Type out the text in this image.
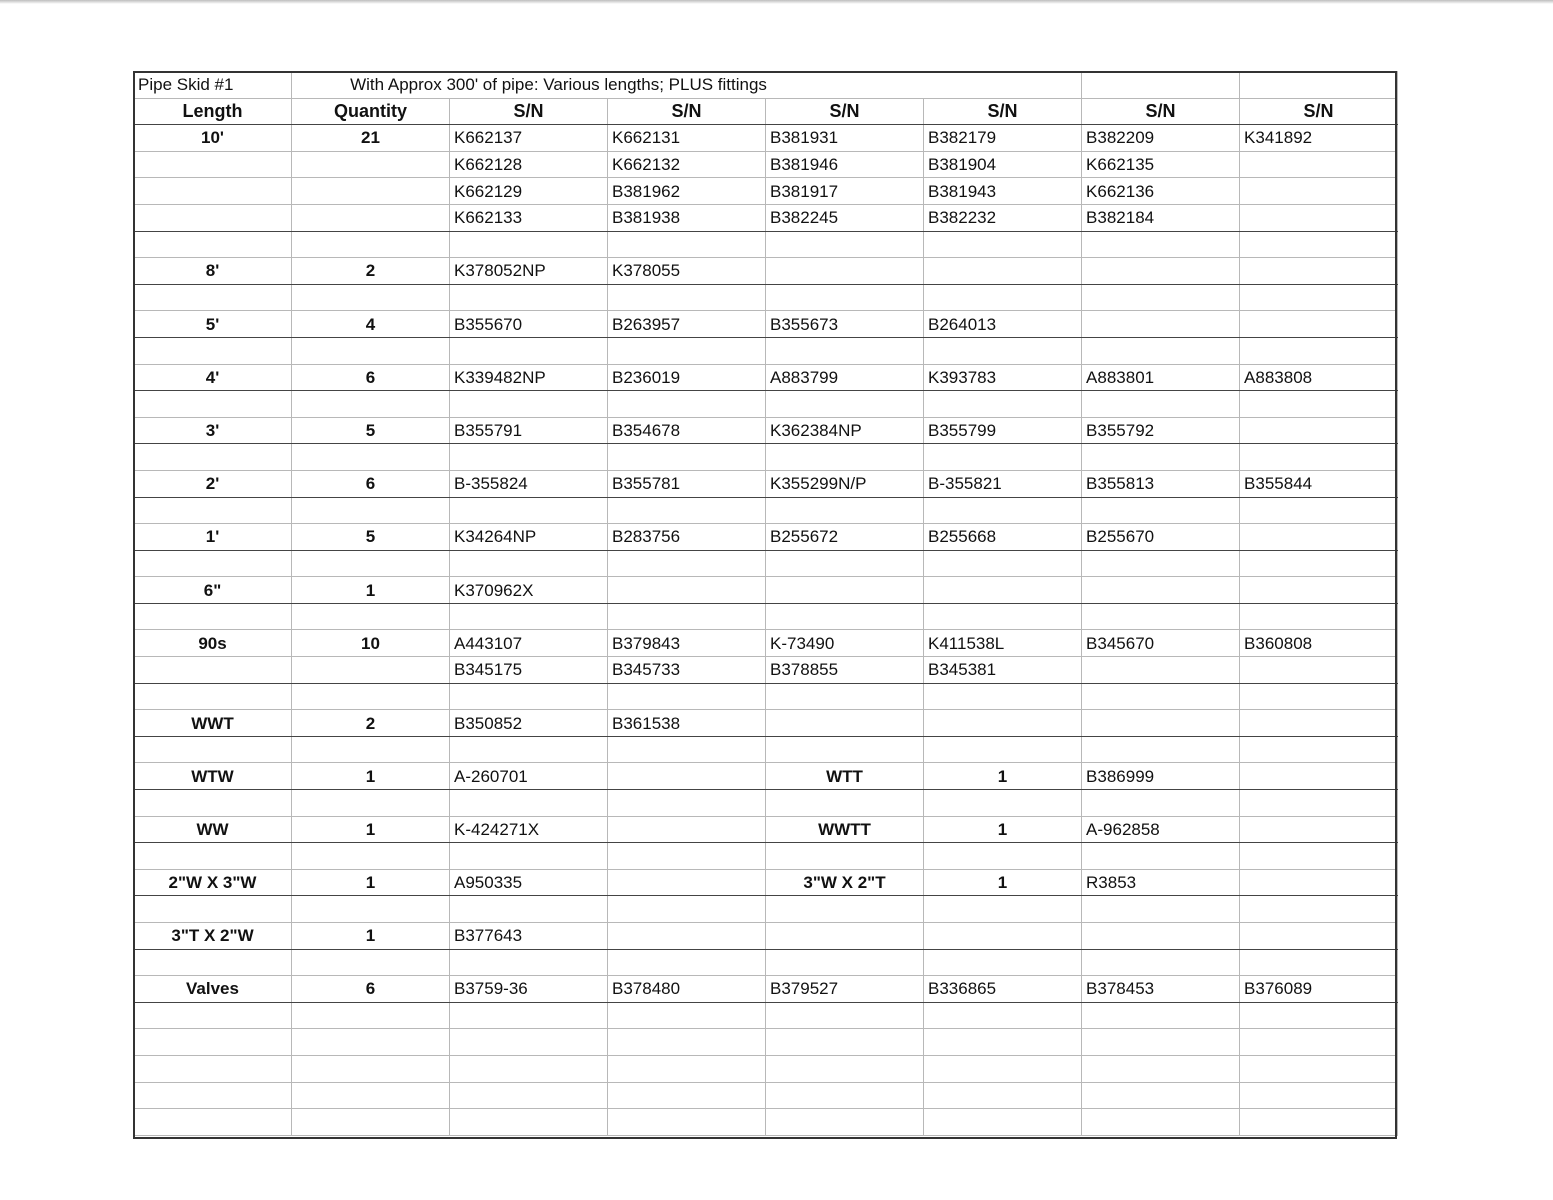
Pipe Skid #1	With Approx 300' of pipe: Various lengths; PLUS fittings						
Length	Quantity	S/N	S/N	S/N	S/N	S/N	S/N
10'	21	K662137	K662131	B381931	B382179	B382209	K341892
		K662128	K662132	B381946	B381904	K662135	
		K662129	B381962	B381917	B381943	K662136	
		K662133	B381938	B382245	B382232	B382184	

8'	2	K378052NP	K378055				

5'	4	B355670	B263957	B355673	B264013		

4'	6	K339482NP	B236019	A883799	K393783	A883801	A883808

3'	5	B355791	B354678	K362384NP	B355799	B355792	

2'	6	B-355824	B355781	K355299N/P	B-355821	B355813	B355844

1'	5	K34264NP	B283756	B255672	B255668	B255670	

6"	1	K370962X					

90s	10	A443107	B379843	K-73490	K411538L	B345670	B360808
		B345175	B345733	B378855	B345381		

WWT	2	B350852	B361538				

WTW	1	A-260701		WTT	1	B386999	

WW	1	K-424271X		WWTT	1	A-962858	

2"W X 3"W	1	A950335		3"W X 2"T	1	R3853	

3"T X 2"W	1	B377643					

Valves	6	B3759-36	B378480	B379527	B336865	B378453	B376089
